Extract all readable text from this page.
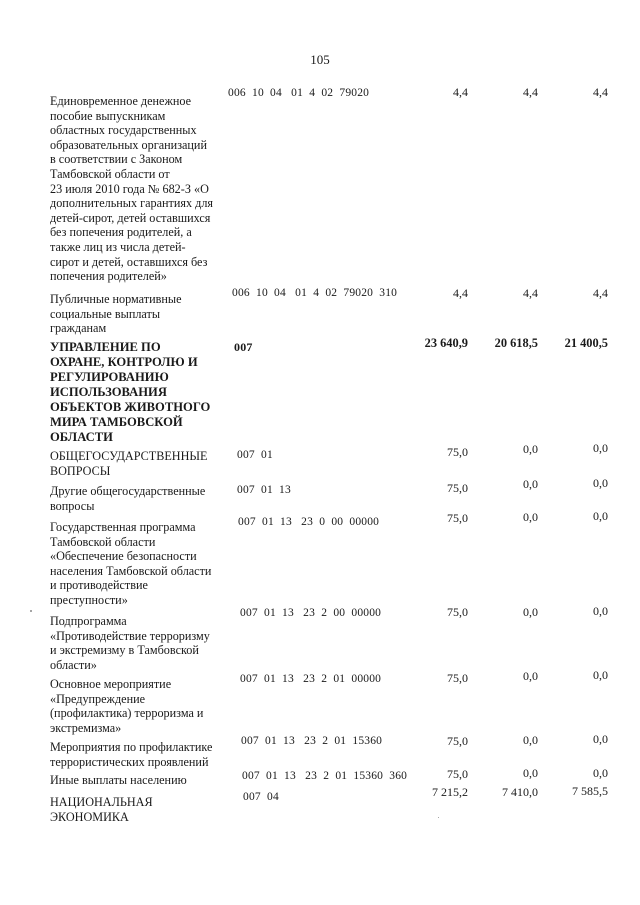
105
Единовременное денежное
пособие выпускникам
областных государственных
образовательных организаций
в соответствии с Законом
Тамбовской области от
23 июля 2010 года № 682-З «О
дополнительных гарантиях для
детей-сирот, детей оставшихся
без попечения родителей, а
также лиц из числа детей-
сирот и детей, оставшихся без
попечения родителей»
006  10  04   01  4  02  79020	4,4	4,4	4,4
Публичные нормативные
социальные выплаты
гражданам
006  10  04   01  4  02  79020  310	4,4	4,4	4,4
УПРАВЛЕНИЕ ПО
ОХРАНЕ, КОНТРОЛЮ И
РЕГУЛИРОВАНИЮ
ИСПОЛЬЗОВАНИЯ
ОБЪЕКТОВ ЖИВОТНОГО
МИРА ТАМБОВСКОЙ
ОБЛАСТИ
007	23 640,9	20 618,5	21 400,5
ОБЩЕГОСУДАРСТВЕННЫЕ
ВОПРОСЫ
007  01	75,0	0,0	0,0
Другие общегосударственные
вопросы
007  01  13	75,0	0,0	0,0
Государственная программа
Тамбовской области
«Обеспечение безопасности
населения Тамбовской области
и противодействие
преступности»
007  01  13   23  0  00  00000	75,0	0,0	0,0
Подпрограмма
«Противодействие терроризму
и экстремизму в Тамбовской
области»
007  01  13   23  2  00  00000	75,0	0,0	0,0
Основное мероприятие
«Предупреждение
(профилактика) терроризма и
экстремизма»
007  01  13   23  2  01  00000	75,0	0,0	0,0
Мероприятия по профилактике
террористических проявлений
007  01  13   23  2  01  15360	75,0	0,0	0,0
Иные выплаты населению	007  01  13   23  2  01  15360  360	75,0	0,0	0,0
НАЦИОНАЛЬНАЯ
ЭКОНОМИКА
007  04	7 215,2	7 410,0	7 585,5
